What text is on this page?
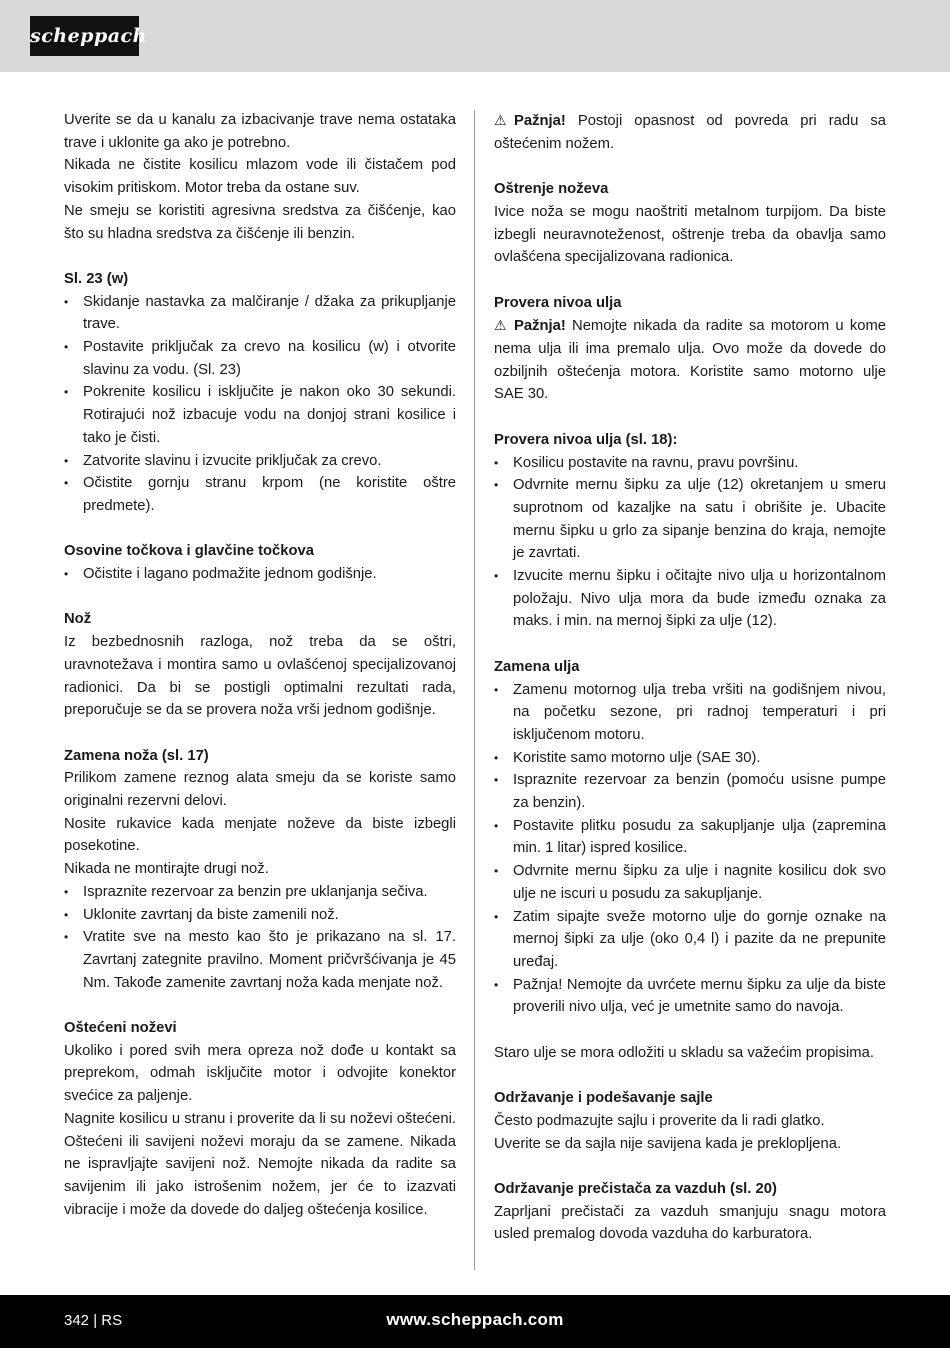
scheppach

Uverite se da u kanalu za izbacivanje trave nema ostataka trave i uklonite ga ako je potrebno.

Nikada ne čistite kosilicu mlazom vode ili čistačem pod visokim pritiskom. Motor treba da ostane suv.

Ne smeju se koristiti agresivna sredstva za čišćenje, kao što su hladna sredstva za čišćenje ili benzin.

Sl. 23 (w)

• Skidanje nastavka za malčiranje / džaka za prikupljanje trave.
• Postavite priključak za crevo na kosilicu (w) i otvorite slavinu za vodu. (Sl. 23)
• Pokrenite kosilicu i isključite je nakon oko 30 sekundi. Rotirajući nož izbacuje vodu na donjoj strani kosilice i tako je čisti.
• Zatvorite slavinu i izvucite priključak za crevo.
• Očistite gornju stranu krpom (ne koristite oštre predmete).

Osovine točkova i glavčine točkova

• Očistite i lagano podmažite jednom godišnje.

Nož

Iz bezbednosnih razloga, nož treba da se oštri, uravnotežava i montira samo u ovlašćenoj specijalizovanoj radionici. Da bi se postigli optimalni rezultati rada, preporučuje se da se provera noža vrši jednom godišnje.

Zamena noža (sl. 17)

Prilikom zamene reznog alata smeju da se koriste samo originalni rezervni delovi.

Nosite rukavice kada menjate noževe da biste izbegli posekotine.

Nikada ne montirajte drugi nož.

• Ispraznite rezervoar za benzin pre uklanjanja sečiva.
• Uklonite zavrtanj da biste zamenili nož.
• Vratite sve na mesto kao što je prikazano na sl. 17. Zavrtanj zategnite pravilno. Moment pričvršćivanja je 45 Nm. Takođe zamenite zavrtanj noža kada menjate nož.

Oštećeni noževi

Ukoliko i pored svih mera opreza nož dođe u kontakt sa preprekom, odmah isključite motor i odvojite konektor svećice za paljenje.

Nagnite kosilicu u stranu i proverite da li su noževi oštećeni. Oštećeni ili savijeni noževi moraju da se zamene. Nikada ne ispravljajte savijeni nož. Nemojte nikada da radite sa savijenim ili jako istrošenim nožem, jer će to izazvati vibracije i može da dovede do daljeg oštećenja kosilice.

⚠ Pažnja! Postoji opasnost od povreda pri radu sa oštećenim nožem.

Oštrenje noževa

Ivice noža se mogu naoštriti metalnom turpijom. Da biste izbegli neuravnoteženost, oštrenje treba da obavlja samo ovlašćena specijalizovana radionica.

Provera nivoa ulja

⚠ Pažnja! Nemojte nikada da radite sa motorom u kome nema ulja ili ima premalo ulja. Ovo može da dovede do ozbiljnih oštećenja motora. Koristite samo motorno ulje SAE 30.

Provera nivoa ulja (sl. 18):

• Kosilicu postavite na ravnu, pravu površinu.
• Odvrnite mernu šipku za ulje (12) okretanjem u smeru suprotnom od kazaljke na satu i obrišite je. Ubacite mernu šipku u grlo za sipanje benzina do kraja, nemojte je zavrtati.
• Izvucite mernu šipku i očitajte nivo ulja u horizontalnom položaju. Nivo ulja mora da bude između oznaka za maks. i min. na mernoj šipki za ulje (12).

Zamena ulja

• Zamenu motornog ulja treba vršiti na godišnjem nivou, na početku sezone, pri radnoj temperaturi i pri isključenom motoru.
• Koristite samo motorno ulje (SAE 30).
• Ispraznite rezervoar za benzin (pomoću usisne pumpe za benzin).
• Postavite plitku posudu za sakupljanje ulja (zapremina min. 1 litar) ispred kosilice.
• Odvrnite mernu šipku za ulje i nagnite kosilicu dok svo ulje ne iscuri u posudu za sakupljanje.
• Zatim sipajte sveže motorno ulje do gornje oznake na mernoj šipki za ulje (oko 0,4 l) i pazite da ne prepunite uređaj.
• Pažnja! Nemojte da uvrćete mernu šipku za ulje da biste proverili nivo ulja, već je umetnite samo do navoja.

Staro ulje se mora odložiti u skladu sa važećim propisima.

Održavanje i podešavanje sajle

Često podmazujte sajlu i proverite da li radi glatko.

Uverite se da sajla nije savijena kada je preklopljena.

Održavanje prečistača za vazduh (sl. 20)

Zaprljani prečistači za vazduh smanjuju snagu motora usled premalog dovoda vazduha do karburatora.

342 | RS	www.scheppach.com
